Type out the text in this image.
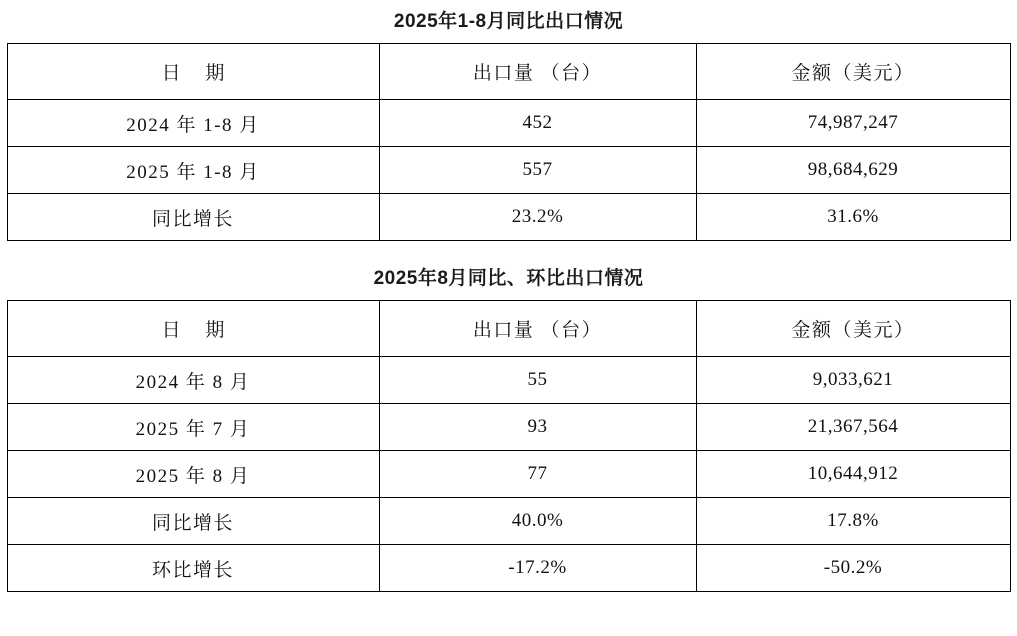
2025年1-8月同比出口情况
日 期	出口量 （台）	金额（美元）
2024 年 1-8 月	452	74,987,247
2025 年 1-8 月	557	98,684,629
同比增长	23.2%	31.6%
2025年8月同比、环比出口情况
日 期	出口量 （台）	金额（美元）
2024 年 8 月	55	9,033,621
2025 年 7 月	93	21,367,564
2025 年 8 月	77	10,644,912
同比增长	40.0%	17.8%
环比增长	-17.2%	-50.2%
